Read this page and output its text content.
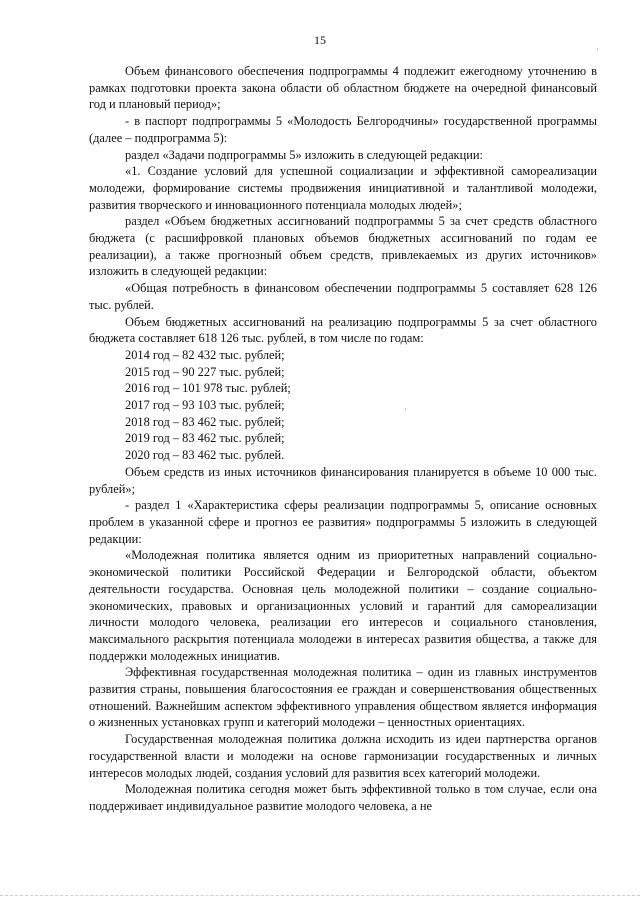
15
·
·

Объем финансового обеспечения подпрограммы 4 подлежит ежегодному уточнению в рамках подготовки проекта закона области об областном бюджете на очередной финансовый год и плановый период»;

- в паспорт подпрограммы 5 «Молодость Белгородчины» государственной программы (далее – подпрограмма 5):

раздел «Задачи подпрограммы 5» изложить в следующей редакции:

«1. Создание условий для успешной социализации и эффективной самореализации молодежи, формирование системы продвижения инициативной и талантливой молодежи, развития творческого и инновационного потенциала молодых людей»;

раздел «Объем бюджетных ассигнований подпрограммы 5 за счет средств областного бюджета (с расшифровкой плановых объемов бюджетных ассигнований по годам ее реализации), а также прогнозный объем средств, привлекаемых из других источников» изложить в следующей редакции:

«Общая потребность в финансовом обеспечении подпрограммы 5 составляет 628 126 тыс. рублей.

Объем бюджетных ассигнований на реализацию подпрограммы 5 за счет областного бюджета составляет 618 126 тыс. рублей, в том числе по годам:

2014 год – 82 432 тыс. рублей;

2015 год – 90 227 тыс. рублей;

2016 год – 101 978 тыс. рублей;

2017 год – 93 103 тыс. рублей;

2018 год – 83 462 тыс. рублей;

2019 год – 83 462 тыс. рублей;

2020 год – 83 462 тыс. рублей.

Объем средств из иных источников финансирования планируется в объеме 10 000 тыс. рублей»;

- раздел 1 «Характеристика сферы реализации подпрограммы 5, описание основных проблем в указанной сфере и прогноз ее развития» подпрограммы 5 изложить в следующей редакции:

«Молодежная политика является одним из приоритетных направлений социально-экономической политики Российской Федерации и Белгородской области, объектом деятельности государства. Основная цель молодежной политики – создание социально-экономических, правовых и организационных условий и гарантий для самореализации личности молодого человека, реализации его интересов и социального становления, максимального раскрытия потенциала молодежи в интересах развития общества, а также для поддержки молодежных инициатив.

Эффективная государственная молодежная политика – один из главных инструментов развития страны, повышения благосостояния ее граждан и совершенствования общественных отношений. Важнейшим аспектом эффективного управления обществом является информация о жизненных установках групп и категорий молодежи – ценностных ориентациях.

Государственная молодежная политика должна исходить из идеи партнерства органов государственной власти и молодежи на основе гармонизации государственных и личных интересов молодых людей, создания условий для развития всех категорий молодежи.

Молодежная политика сегодня может быть эффективной только в том случае, если она поддерживает индивидуальное развитие молодого человека, а не
